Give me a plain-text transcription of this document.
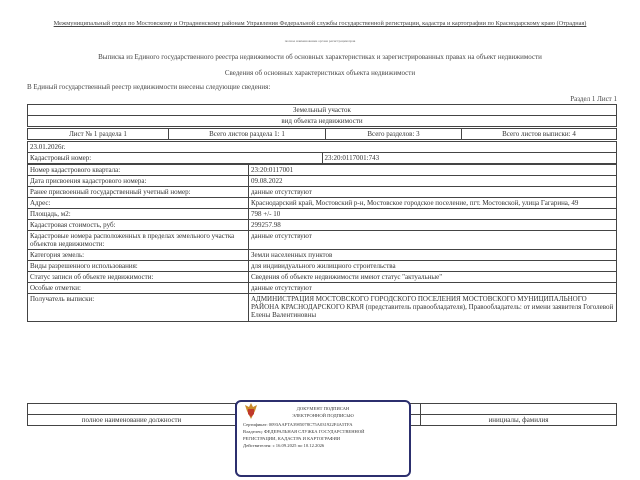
Межмуниципальный отдел по Мостовскому и Отрадненскому районам Управления Федеральной службы государственной регистрации, кадастра и картографии по Краснодарскому краю (Отрадная)
полное наименование органа регистрации прав
Выписка из Единого государственного реестра недвижимости об основных характеристиках и зарегистрированных правах на объект недвижимости
Сведения об основных характеристиках объекта недвижимости
В Единый государственный реестр недвижимости внесены следующие сведения:
Раздел 1 Лист 1
Земельный участок
вид объекта недвижимости
Лист № 1 раздела 1	Всего листов раздела 1: 1	Всего разделов: 3	Всего листов выписки: 4
23.01.2026г.
Кадастровый номер:	23:20:0117001:743
Номер кадастрового квартала:	23:20:0117001
Дата присвоения кадастрового номера:	09.08.2022
Ранее присвоенный государственный учетный номер:	данные отсутствуют
Адрес:	Краснодарский край, Мостовский р-н, Мостовское городское поселение, пгт. Мостовской, улица Гагарина, 49
Площадь, м2:	798 +/- 10
Кадастровая стоимость, руб:	299257.98
Кадастровые номера расположенных в пределах земельного участка объектов недвижимости:	данные отсутствуют
Категория земель:	Земли населенных пунктов
Виды разрешенного использования:	для индивидуального жилищного строительства
Статус записи об объекте недвижимости:	Сведения об объекте недвижимости имеют статус "актуальные"
Особые отметки:	данные отсутствуют
Получатель выписки:	АДМИНИСТРАЦИЯ МОСТОВСКОГО ГОРОДСКОГО ПОСЕЛЕНИЯ МОСТОВСКОГО МУНИЦИПАЛЬНОГО РАЙОНА КРАСНОДАРСКОГО КРАЯ (представитель правообладателя), Правообладатель: от имени заявителя Гоголевой Елены Валентиновны

полное наименование должности		инициалы, фамилия
ДОКУМЕНТ ПОДПИСАН
ЭЛЕКТРОННОЙ ПОДПИСЬЮ
Сертификат: 0093AAFTA3985078C75A031922F4A5TFA
Владелец: ФЕДЕРАЛЬНАЯ СЛУЖБА ГОСУДАРСТВЕННОЙ
РЕГИСТРАЦИИ, КАДАСТРА И КАРТОГРАФИИ
Действителен: с 16.09.2025 по 10.12.2026
